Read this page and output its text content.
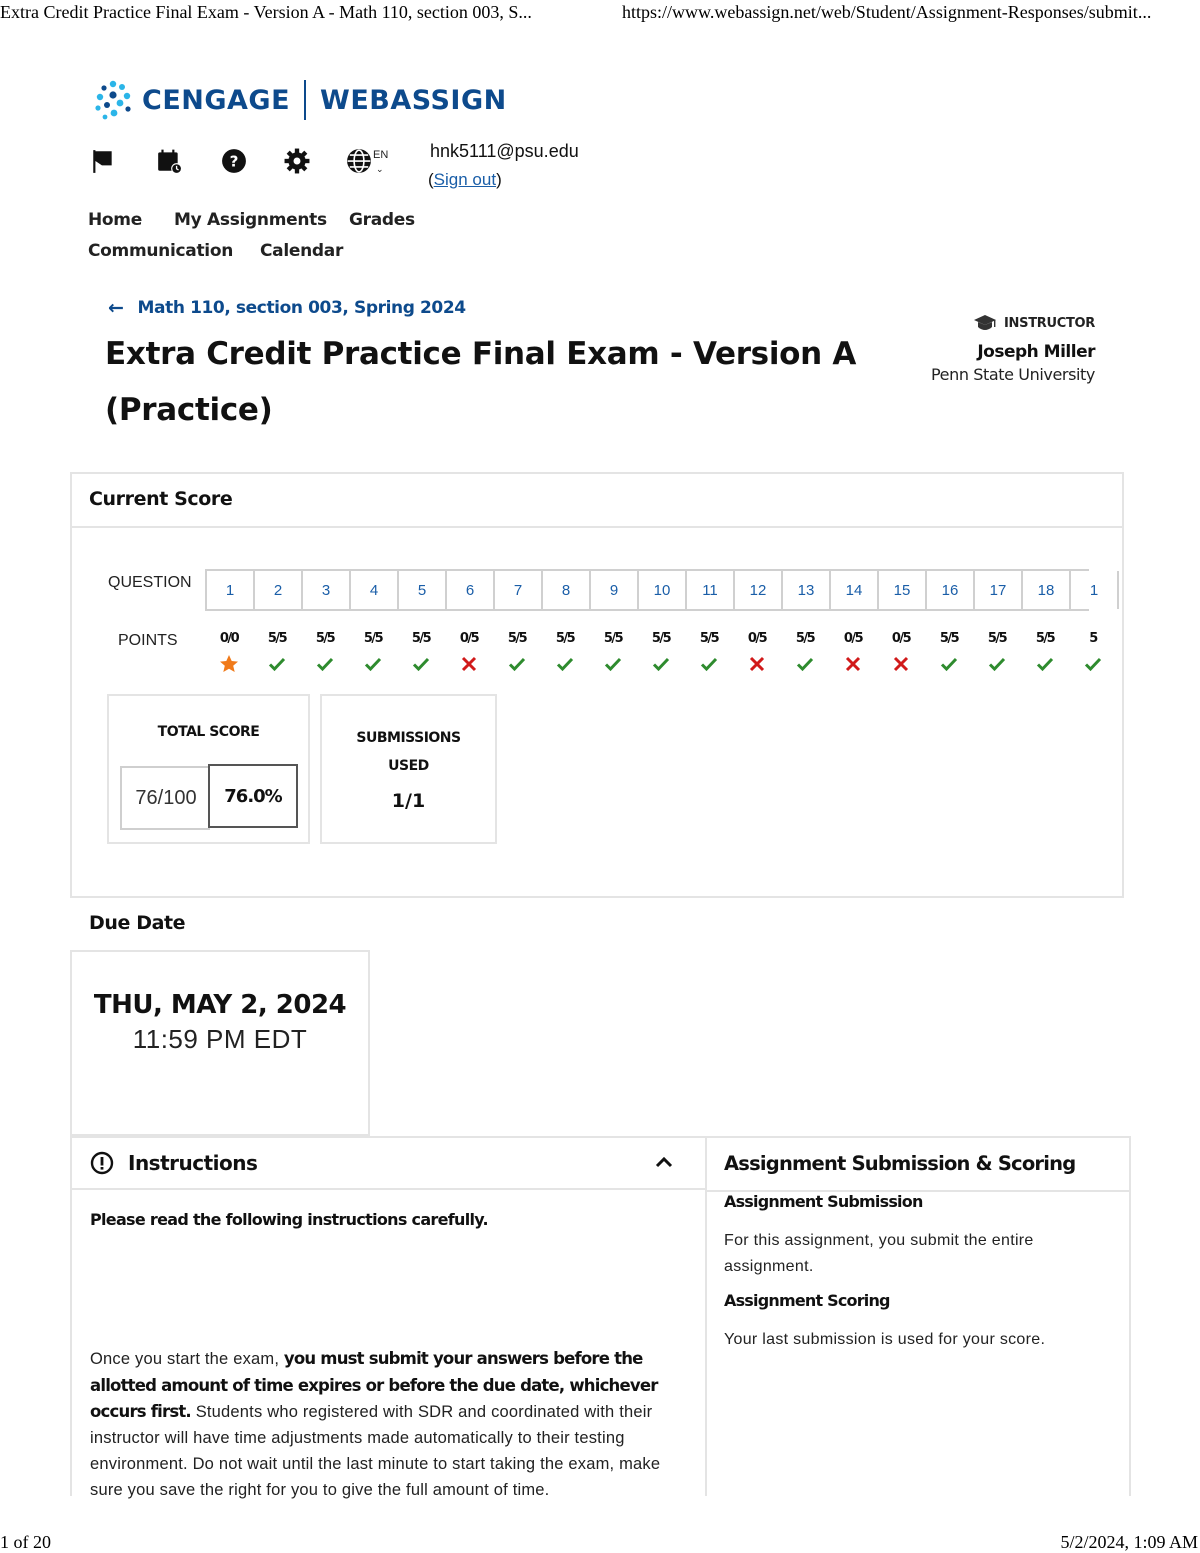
Extra Credit Practice Final Exam - Version A - Math 110, section 003, S...	https://www.webassign.net/web/Student/Assignment-Responses/submit...
CENGAGE WEBASSIGN
?	EN
⌄
hnk5111@psu.edu
(Sign out)
Home My Assignments Grades
Communication Calendar
← Math 110, section 003, Spring 2024
Extra Credit Practice Final Exam - Version A (Practice)
INSTRUCTOR
Joseph Miller
Penn State University
Current Score
QUESTION
POINTS
1	2	3	4	5	6	7	8	9	10	11	12	13	14	15	16	17	18	1
0/0 5/5 5/5 5/5 5/5 0/5 5/5 5/5 5/5 5/5 5/5 0/5 5/5 0/5 0/5 5/5 5/5 5/5	5
TOTAL SCORE
76/100	76.0%
SUBMISSIONS USED
1/1
Due Date
THU, MAY 2, 2024
11:59 PM EDT
Instructions
Please read the following instructions carefully.

Once you start the exam, you must submit your answers before the allotted amount of time expires or before the due date, whichever occurs first. Students who registered with SDR and coordinated with their instructor will have time adjustments made automatically to their testing environment. Do not wait until the last minute to start taking the exam, make sure you save the right for you to give the full amount of time.

Assignment Submission & Scoring
Assignment Submission
For this assignment, you submit the entire assignment.
Assignment Scoring
Your last submission is used for your score.
1 of 20	5/2/2024, 1:09 AM
